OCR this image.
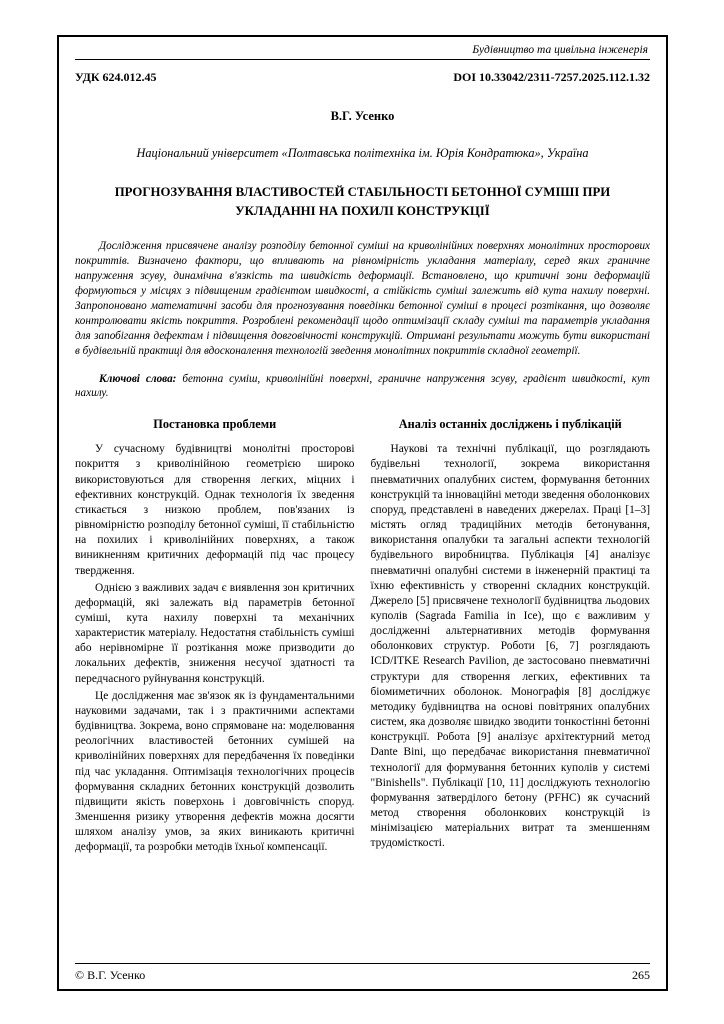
Будівництво та цивільна інженерія
УДК 624.012.45	DOI 10.33042/2311-7257.2025.112.1.32
В.Г. Усенко
Національний університет «Полтавська політехніка ім. Юрія Кондратюка», Україна
ПРОГНОЗУВАННЯ ВЛАСТИВОСТЕЙ СТАБІЛЬНОСТІ БЕТОННОЇ СУМІШІ ПРИ УКЛАДАННІ НА ПОХИЛІ КОНСТРУКЦІЇ

Дослідження присвячене аналізу розподілу бетонної суміші на криволінійних поверхнях монолітних просторових покриттів. Визначено фактори, що впливають на рівномірність укладання матеріалу, серед яких граничне напруження зсуву, динамічна в'язкість та швидкість деформації. Встановлено, що критичні зони деформацій формуються у місцях з підвищеним градієнтом швидкості, а стійкість суміші залежить від кута нахилу поверхні. Запропоновано математичні засоби для прогнозування поведінки бетонної суміші в процесі розтікання, що дозволяє контролювати якість покриття. Розроблені рекомендації щодо оптимізації складу суміші та параметрів укладання для запобігання дефектам і підвищення довговічності конструкцій. Отримані результати можуть бути використані в будівельній практиці для вдосконалення технологій зведення монолітних покриттів складної геометрії.

Ключові слова: бетонна суміш, криволінійні поверхні, граничне напруження зсуву, градієнт швидкості, кут нахилу.

Постановка проблеми

У сучасному будівництві монолітні просторові покриття з криволінійною геометрією широко використовуються для створення легких, міцних і ефективних конструкцій. Однак технологія їх зведення стикається з низкою проблем, пов'язаних із рівномірністю розподілу бетонної суміші, її стабільністю на похилих і криволінійних поверхнях, а також виникненням критичних деформацій під час процесу твердження.

Однією з важливих задач є виявлення зон критичних деформацій, які залежать від параметрів бетонної суміші, кута нахилу поверхні та механічних характеристик матеріалу. Недостатня стабільність суміші або нерівномірне її розтікання може призводити до локальних дефектів, зниження несучої здатності та передчасного руйнування конструкцій.

Це дослідження має зв'язок як із фундаментальними науковими задачами, так і з практичними аспектами будівництва. Зокрема, воно спрямоване на: моделювання реологічних властивостей бетонних сумішей на криволінійних поверхнях для передбачення їх поведінки під час укладання. Оптимізація технологічних процесів формування складних бетонних конструкцій дозволить підвищити якість поверхонь і довговічність споруд. Зменшення ризику утворення дефектів можна досягти шляхом аналізу умов, за яких виникають критичні деформації, та розробки методів їхньої компенсації.

Аналіз останніх досліджень і публікацій

Наукові та технічні публікації, що розглядають будівельні технології, зокрема використання пневматичних опалубних систем, формування бетонних конструкцій та інноваційні методи зведення оболонкових споруд, представлені в наведених джерелах. Праці [1–3] містять огляд традиційних методів бетонування, використання опалубки та загальні аспекти технологій будівельного виробництва. Публікація [4] аналізує пневматичні опалубні системи в інженерній практиці та їхню ефективність у створенні складних конструкцій. Джерело [5] присвячене технології будівництва льодових куполів (Sagrada Familia in Ice), що є важливим у дослідженні альтернативних методів формування оболонкових структур. Роботи [6, 7] розглядають ICD/ITKE Research Pavilion, де застосовано пневматичні структури для створення легких, ефективних та біомиметичних оболонок. Монографія [8] досліджує методику будівництва на основі повітряних опалубних систем, яка дозволяє швидко зводити тонкостінні бетонні конструкції. Робота [9] аналізує архітектурний метод Dante Bini, що передбачає використання пневматичної технології для формування бетонних куполів у системі "Binishells". Публікації [10, 11] досліджують технологію формування затверділого бетону (PFHC) як сучасний метод створення оболонкових конструкцій із мінімізацією матеріальних витрат та зменшенням трудомісткості.

© В.Г. Усенко	265
